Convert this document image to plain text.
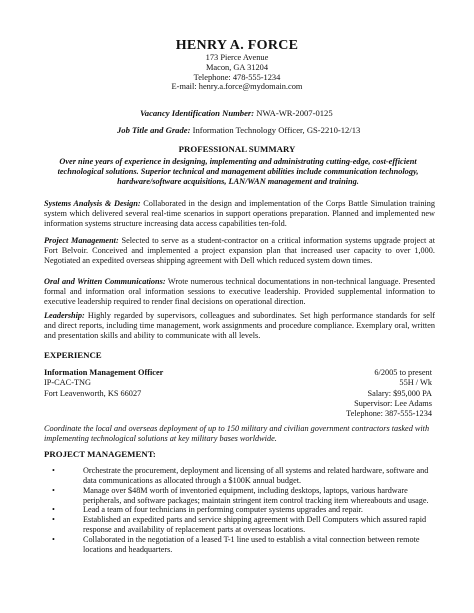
HENRY A. FORCE
173 Pierce Avenue
Macon, GA 31204
Telephone: 478-555-1234
E-mail: henry.a.force@mydomain.com
Vacancy Identification Number: NWA-WR-2007-0125
Job Title and Grade: Information Technology Officer, GS-2210-12/13
PROFESSIONAL SUMMARY
Over nine years of experience in designing, implementing and administrating cutting-edge, cost-efficient technological solutions. Superior technical and management abilities include communication technology, hardware/software acquisitions, LAN/WAN management and training.
Systems Analysis & Design: Collaborated in the design and implementation of the Corps Battle Simulation training system which delivered several real-time scenarios in support operations preparation. Planned and implemented new information systems structure increasing data access capabilities ten-fold.
Project Management: Selected to serve as a student-contractor on a critical information systems upgrade project at Fort Belvoir. Conceived and implemented a project expansion plan that increased user capacity to over 1,000. Negotiated an expedited overseas shipping agreement with Dell which reduced system down times.
Oral and Written Communications: Wrote numerous technical documentations in non-technical language. Presented formal and information oral information sessions to executive leadership. Provided supplemental information to executive leadership required to render final decisions on operational direction.
Leadership: Highly regarded by supervisors, colleagues and subordinates. Set high performance standards for self and direct reports, including time management, work assignments and procedure compliance. Exemplary oral, written and presentation skills and ability to communicate with all levels.
EXPERIENCE
Information Management Officer
IP-CAC-TNG
Fort Leavenworth, KS 66027
6/2005 to present
55H / Wk
Salary: $95,000 PA
Supervisor: Lee Adams
Telephone: 387-555-1234
Coordinate the local and overseas deployment of up to 150 military and civilian government contractors tasked with implementing technological solutions at key military bases worldwide.
PROJECT MANAGEMENT:
•	Orchestrate the procurement, deployment and licensing of all systems and related hardware, software and data communications as allocated through a $100K annual budget.
•	Manage over $48M worth of inventoried equipment, including desktops, laptops, various hardware peripherals, and software packages; maintain stringent item control tracking item whereabouts and usage.
•	Lead a team of four technicians in performing computer systems upgrades and repair.
•	Established an expedited parts and service shipping agreement with Dell Computers which assured rapid response and availability of replacement parts at overseas locations.
•	Collaborated in the negotiation of a leased T-1 line used to establish a vital connection between remote locations and headquarters.
